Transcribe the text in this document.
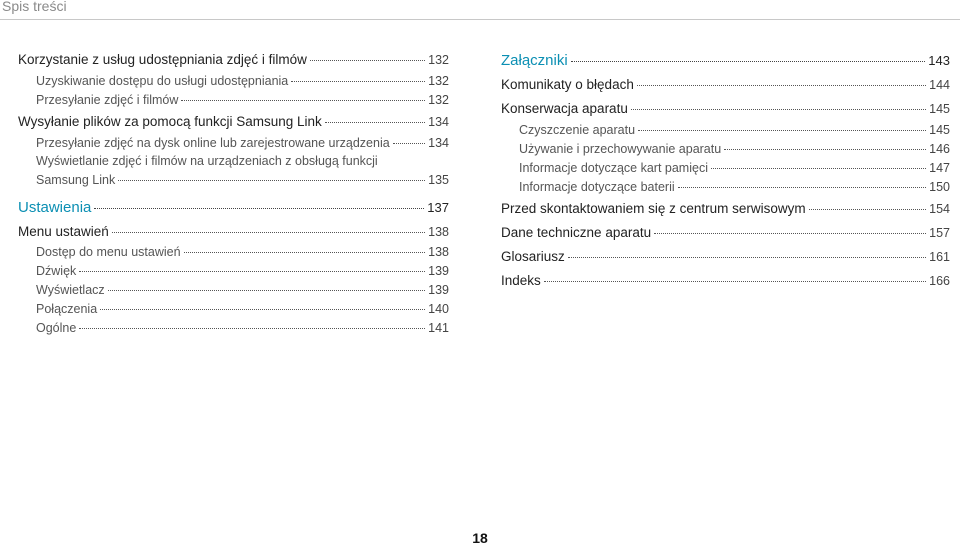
Spis treści
Korzystanie z usług udostępniania zdjęć i filmów	132
Uzyskiwanie dostępu do usługi udostępniania	132
Przesyłanie zdjęć i filmów	132
Wysyłanie plików za pomocą funkcji Samsung Link	134
Przesyłanie zdjęć na dysk online lub zarejestrowane urządzenia	134
Wyświetlanie zdjęć i filmów na urządzeniach z obsługą funkcji
Samsung Link	135
Ustawienia	137
Menu ustawień	138
Dostęp do menu ustawień	138
Dźwięk	139
Wyświetlacz	139
Połączenia	140
Ogólne	141
Załączniki	143
Komunikaty o błędach	144
Konserwacja aparatu	145
Czyszczenie aparatu	145
Używanie i przechowywanie aparatu	146
Informacje dotyczące kart pamięci	147
Informacje dotyczące baterii	150
Przed skontaktowaniem się z centrum serwisowym	154
Dane techniczne aparatu	157
Glosariusz	161
Indeks	166
18
